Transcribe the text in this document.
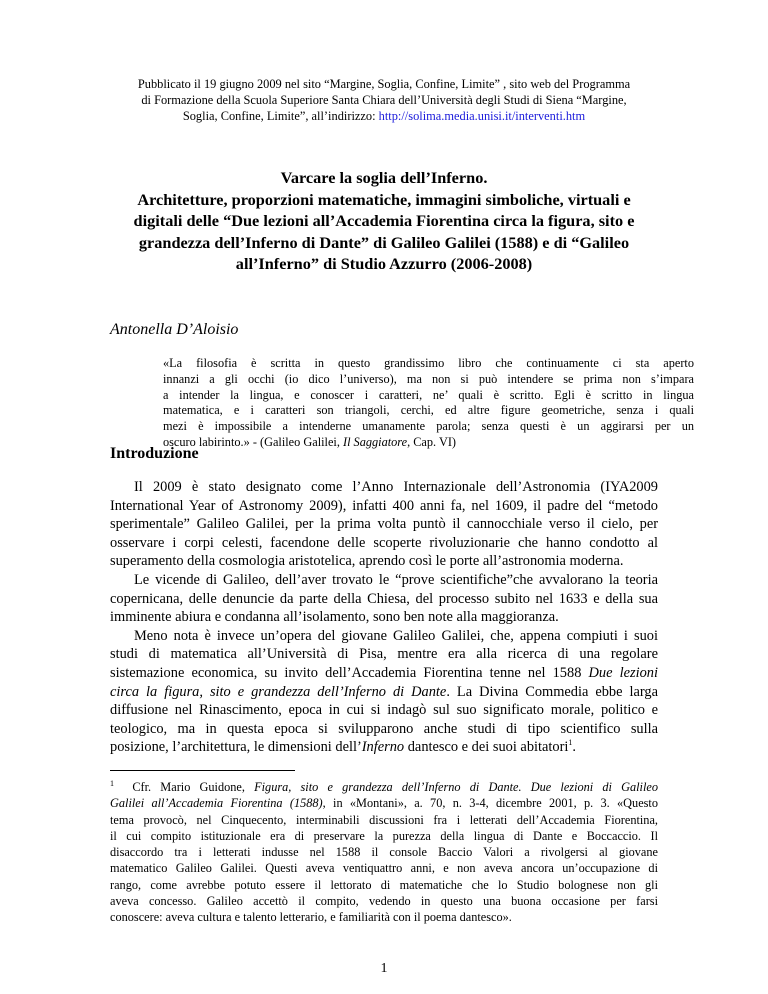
Pubblicato il 19 giugno 2009 nel sito “Margine, Soglia, Confine, Limite” , sito web del Programma
di Formazione della Scuola Superiore Santa Chiara dell’Università degli Studi di Siena “Margine,
Soglia, Confine, Limite”, all’indirizzo: http://solima.media.unisi.it/interventi.htm
Varcare la soglia dell’Inferno.
Architetture, proporzioni matematiche, immagini simboliche, virtuali e
digitali delle “Due lezioni all’Accademia Fiorentina circa la figura, sito e
grandezza dell’Inferno di Dante” di Galileo Galilei (1588) e di “Galileo
all’Inferno” di Studio Azzurro (2006-2008)
Antonella D’Aloisio
«La filosofia è scritta in questo grandissimo libro che continuamente ci sta aperto
innanzi a gli occhi (io dico l’universo), ma non si può intendere se prima non s’impara
a intender la lingua, e conoscer i caratteri, ne’ quali è scritto. Egli è scritto in lingua
matematica, e i caratteri son triangoli, cerchi, ed altre figure geometriche, senza i quali
mezi è impossibile a intenderne umanamente parola; senza questi è un aggirarsi per un
oscuro labirinto.» - (Galileo Galilei, Il Saggiatore, Cap. VI)
Introduzione
Il 2009 è stato designato come l’Anno Internazionale dell’Astronomia (IYA2009
International Year of Astronomy 2009), infatti 400 anni fa, nel 1609, il padre del “metodo
sperimentale” Galileo Galilei, per la prima volta puntò il cannocchiale verso il cielo, per
osservare i corpi celesti, facendone delle scoperte rivoluzionarie che hanno condotto al
superamento della cosmologia aristotelica, aprendo così le porte all’astronomia moderna.
Le vicende di Galileo, dell’aver trovato le “prove scientifiche”che avvalorano la teoria
copernicana, delle denuncie da parte della Chiesa, del processo subito nel 1633 e della sua
imminente abiura e condanna all’isolamento, sono ben note alla maggioranza.
Meno nota è invece un’opera del giovane Galileo Galilei, che, appena compiuti i suoi
studi di matematica all’Università di Pisa, mentre era alla ricerca di una regolare
sistemazione economica, su invito dell’Accademia Fiorentina tenne nel 1588 Due lezioni
circa la figura, sito e grandezza dell’Inferno di Dante. La Divina Commedia ebbe larga
diffusione nel Rinascimento, epoca in cui si indagò sul suo significato morale, politico e
teologico, ma in questa epoca si svilupparono anche studi di tipo scientifico sulla
posizione, l’architettura, le dimensioni dell’Inferno dantesco e dei suoi abitatori$^1$.
$^1$ Cfr. Mario Guidone, Figura, sito e grandezza dell’Inferno di Dante. Due lezioni di Galileo
Galilei all’Accademia Fiorentina (1588), in «Montani», a. 70, n. 3-4, dicembre 2001, p. 3. «Questo
tema provocò, nel Cinquecento, interminabili discussioni fra i letterati dell’Accademia Fiorentina,
il cui compito istituzionale era di preservare la purezza della lingua di Dante e Boccaccio. Il
disaccordo tra i letterati indusse nel 1588 il console Baccio Valori a rivolgersi al giovane
matematico Galileo Galilei. Questi aveva ventiquattro anni, e non aveva ancora un’occupazione di
rango, come avrebbe potuto essere il lettorato di matematiche che lo Studio bolognese non gli
aveva concesso. Galileo accettò il compito, vedendo in questo una buona occasione per farsi
conoscere: aveva cultura e talento letterario, e familiarità con il poema dantesco».
1
